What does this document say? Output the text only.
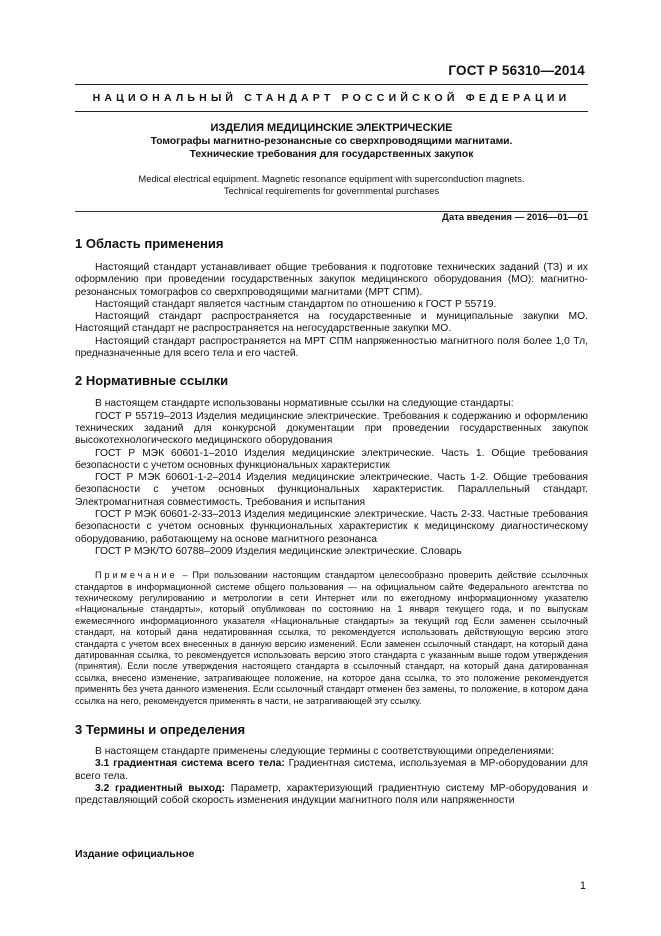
ГОСТ Р 56310—2014
НАЦИОНАЛЬНЫЙ СТАНДАРТ РОССИЙСКОЙ ФЕДЕРАЦИИ
ИЗДЕЛИЯ МЕДИЦИНСКИЕ ЭЛЕКТРИЧЕСКИЕ
Томографы магнитно-резонансные со сверхпроводящими магнитами.
Технические требования для государственных закупок
Medical electrical equipment. Magnetic resonance equipment with superconduction magnets.
Technical requirements for governmental purchases
Дата введения — 2016—01—01
1 Область применения

Настоящий стандарт устанавливает общие требования к подготовке технических заданий (ТЗ) и их оформлению при проведении государственных закупок медицинского оборудования (МО): магнитно-резонансных томографов со сверхпроводящими магнитами (МРТ СПМ).

Настоящий стандарт является частным стандартом по отношению к ГОСТ Р 55719.

Настоящий стандарт распространяется на государственные и муниципальные закупки МО. Настоящий стандарт не распространяется на негосударственные закупки МО.

Настоящий стандарт распространяется на МРТ СПМ напряженностью магнитного поля более 1,0 Тл, предназначенные для всего тела и его частей.

2 Нормативные ссылки

В настоящем стандарте использованы нормативные ссылки на следующие стандарты:

ГОСТ Р 55719–2013 Изделия медицинские электрические. Требования к содержанию и оформлению технических заданий для конкурсной документации при проведении государственных закупок высокотехнологического медицинского оборудования

ГОСТ Р МЭК 60601-1–2010 Изделия медицинские электрические. Часть 1. Общие требования безопасности с учетом основных функциональных характеристик

ГОСТ Р МЭК 60601-1-2–2014 Изделия медицинские электрические. Часть 1-2. Общие требования безопасности с учетом основных функциональных характеристик. Параллельный стандарт. Электромагнитная совместимость. Требования и испытания

ГОСТ Р МЭК 60601-2-33–2013 Изделия медицинские электрические. Часть 2-33. Частные требования безопасности с учетом основных функциональных характеристик к медицинскому диагностическому оборудованию, работающему на основе магнитного резонанса

ГОСТ Р МЭК/ТО 60788–2009 Изделия медицинские электрические. Словарь

Примечание – При пользовании настоящим стандартом целесообразно проверить действие ссылочных стандартов в информационной системе общего пользования — на официальном сайте Федерального агентства по техническому регулированию и метрологии в сети Интернет или по ежегодному информационному указателю «Национальные стандарты», который опубликован по состоянию на 1 января текущего года, и по выпускам ежемесячного информационного указателя «Национальные стандарты» за текущий год Если заменен ссылочный стандарт, на который дана недатированная ссылка, то рекомендуется использовать действующую версию этого стандарта с учетом всех внесенных в данную версию изменений. Если заменен ссылочный стандарт, на который дана датированная ссылка, то рекомендуется использовать версию этого стандарта с указанным выше годом утверждения (принятия). Если после утверждения настоящего стандарта в ссылочный стандарт, на который дана датированная ссылка, внесено изменение, затрагивающее положение, на которое дана ссылка, то это положение рекомендуется применять без учета данного изменения. Если ссылочный стандарт отменен без замены, то положение, в котором дана ссылка на него, рекомендуется применять в части, не затрагивающей эту ссылку.
3 Термины и определения

В настоящем стандарте применены следующие термины с соответствующими определениями:

3.1 градиентная система всего тела: Градиентная система, используемая в МР-оборудовании для всего тела.

3.2 градиентный выход: Параметр, характеризующий градиентную систему МР-оборудования и представляющий собой скорость изменения индукции магнитного поля или напряженности

Издание официальное
1
